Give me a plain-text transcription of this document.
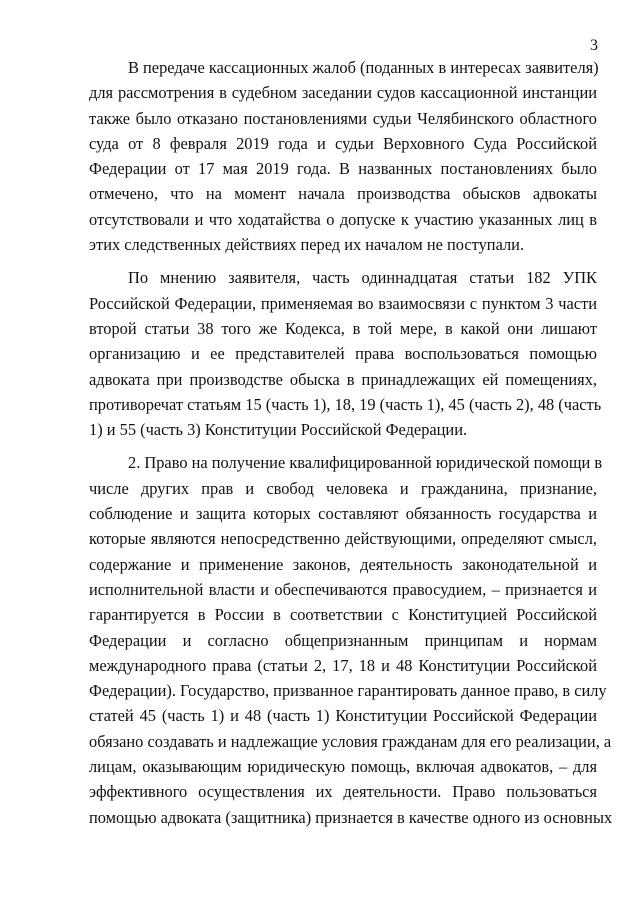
3

В передаче кассационных жалоб (поданных в интересах заявителя)
для рассмотрения в судебном заседании судов кассационной инстанции
также было отказано постановлениями судьи Челябинского областного
суда от 8 февраля 2019 года и судьи Верховного Суда Российской
Федерации от 17 мая 2019 года. В названных постановлениях было
отмечено, что на момент начала производства обысков адвокаты
отсутствовали и что ходатайства о допуске к участию указанных лиц в
этих следственных действиях перед их началом не поступали.

По мнению заявителя, часть одиннадцатая статьи 182 УПК
Российской Федерации, применяемая во взаимосвязи с пунктом 3 части
второй статьи 38 того же Кодекса, в той мере, в какой они лишают
организацию и ее представителей права воспользоваться помощью
адвоката при производстве обыска в принадлежащих ей помещениях,
противоречат статьям 15 (часть 1), 18, 19 (часть 1), 45 (часть 2), 48 (часть
1) и 55 (часть 3) Конституции Российской Федерации.

2. Право на получение квалифицированной юридической помощи в
числе других прав и свобод человека и гражданина, признание,
соблюдение и защита которых составляют обязанность государства и
которые являются непосредственно действующими, определяют смысл,
содержание и применение законов, деятельность законодательной и
исполнительной власти и обеспечиваются правосудием, – признается и
гарантируется в России в соответствии с Конституцией Российской
Федерации и согласно общепризнанным принципам и нормам
международного права (статьи 2, 17, 18 и 48 Конституции Российской
Федерации). Государство, призванное гарантировать данное право, в силу
статей 45 (часть 1) и 48 (часть 1) Конституции Российской Федерации
обязано создавать и надлежащие условия гражданам для его реализации, а
лицам, оказывающим юридическую помощь, включая адвокатов, – для
эффективного осуществления их деятельности. Право пользоваться
помощью адвоката (защитника) признается в качестве одного из основных
